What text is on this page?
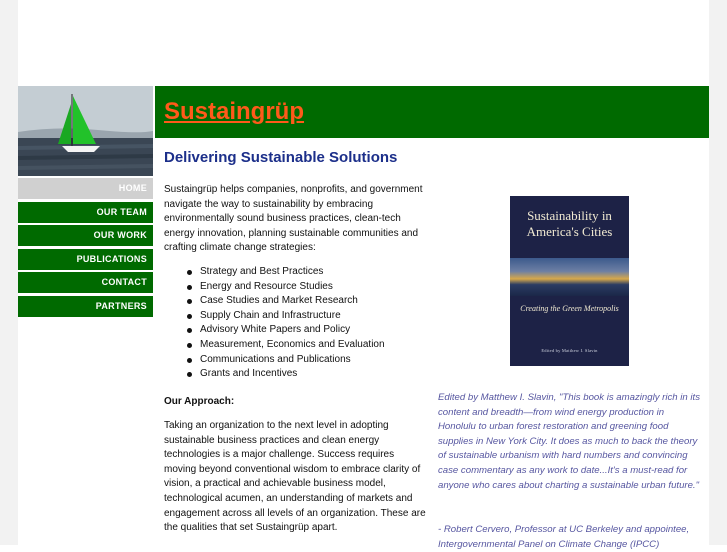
Sustaingrüp
HOME
OUR TEAM
OUR WORK
PUBLICATIONS
CONTACT
PARTNERS
Delivering Sustainable Solutions
Sustaingrüp helps companies, nonprofits, and government navigate the way to sustainability by embracing environmentally sound business practices, clean-tech energy innovation, planning sustainable communities and crafting climate change strategies:
Strategy and Best Practices
Energy and Resource Studies
Case Studies and Market Research
Supply Chain and Infrastructure
Advisory White Papers and Policy
Measurement, Economics and Evaluation
Communications and Publications
Grants and Incentives
Our Approach:
Taking an organization to the next level in adopting sustainable business practices and clean energy technologies is a major challenge. Success requires moving beyond conventional wisdom to embrace clarity of vision, a practical and achievable business model, technological acumen, an understanding of markets and engagement across all levels of an organization. These are the qualities that set Sustaingrüp apart.
Sustainability in America's Cities
Creating the Green Metropolis
Edited by Matthew I. Slavin
Edited by Matthew I. Slavin, "This book is amazingly rich in its content and breadth—from wind energy production in Honolulu to urban forest restoration and greening food supplies in New York City. It does as much to back the theory of sustainable urbanism with hard numbers and convincing case commentary as any work to date...It's a must-read for anyone who cares about charting a sustainable urban future."
- Robert Cervero, Professor at UC Berkeley and appointee, Intergovernmental Panel on Climate Change (IPCC)
